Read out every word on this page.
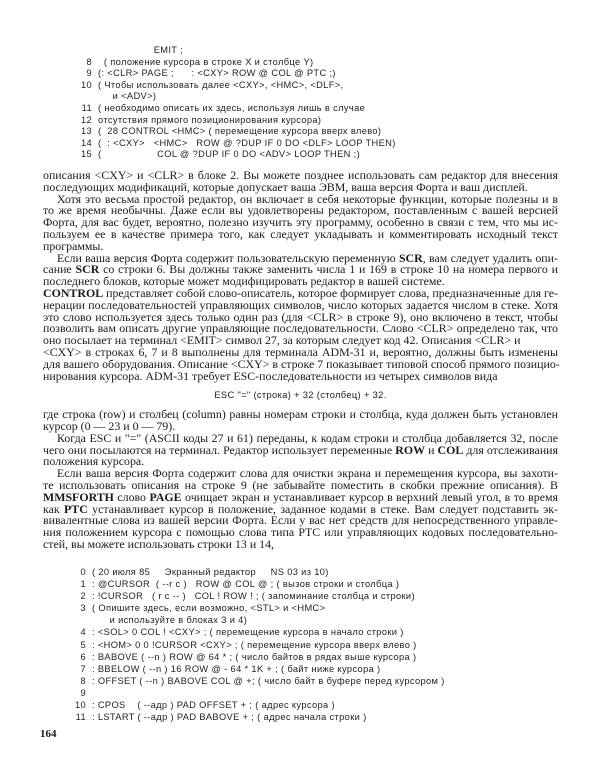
EMIT ;
8  ( положение курсора в строке X и столбце Y)
9 (: <CLR> PAGE ;      : <CXY> ROW @ COL @ PTC ;)
10 ( Чтобы использовать далее <CXY>, <HMC>, <DLF>,
и <ADV>)
11 ( необходимо описать их здесь, используя лишь в случае
12 отсутствия прямого позиционирования курсора)
13 (  28 CONTROL <HMC> ( перемещение курсора вверх влево)
14 (  : <CXY>   <HMC>   ROW @ ?DUP IF 0 DO <DLF> LOOP THEN)
15 (                   COL @ ?DUP IF 0 DO <ADV> LOOP THEN ;)
описания <CXY> и <CLR> в блоке 2. Вы можете позднее использовать сам редактор для внесения
последующих модификаций, которые допускает ваша ЭВМ, ваша версия Форта и ваш дисплей.
Хотя это весьма простой редактор, он включает в себя некоторые функции, которые полезны и в
то же время необычны. Даже если вы удовлетворены редактором, поставленным с вашей версией
Форта, для вас будет, вероятно, полезно изучить эту программу, особенно в связи с тем, что мы ис-
пользуем ее в качестве примера того, как следует укладывать и комментировать исходный текст
программы.
Если ваша версия Форта содержит пользовательскую переменную SCR, вам следует удалить опи-
сание SCR со строки 6. Вы должны также заменить числа 1 и 169 в строке 10 на номера первого и
последнего блоков, которые может модифицировать редактор в вашей системе.
CONTROL представляет собой слово-описатель, которое формирует слова, предназначенные для ге-
нерации последовательностей управляющих символов, число которых задается числом в стеке. Хотя
это слово используется здесь только один раз (для <CLR> в строке 9), оно включено в текст, чтобы
позволить вам описать другие управляющие последовательности. Слово <CLR> определено так, что
оно посылает на терминал <EMIT> символ 27, за которым следует код 42. Описания <CLR> и
<CXY> в строках 6, 7 и 8 выполнены для терминала ADM-31 и, вероятно, должны быть изменены
для вашего оборудования. Описание <CXY> в строке 7 показывает типовой способ прямого позицио-
нирования курсора. ADM-31 требует ESC-последовательности из четырех символов вида
ESC "=" (строка) + 32 (столбец) + 32.
где строка (row) и столбец (column) равны номерам строки и столбца, куда должен быть установлен
курсор (0 — 23 и 0 — 79).
Когда ESC и "=" (ASCII коды 27 и 61) переданы, к кодам строки и столбца добавляется 32, после
чего они посылаются на терминал. Редактор использует переменные ROW и COL для отслеживания
положения курсора.
Если ваша версия Форта содержит слова для очистки экрана и перемещения курсора, вы захоти-
те использовать описания на строке 9 (не забывайте поместить в скобки прежние описания). В
MMSFORTH слово PAGE очищает экран и устанавливает курсор в верхний левый угол, в то время
как PTC устанавливает курсор в положение, заданное кодами в стеке. Вам следует подставить эк-
вивалентные слова из вашей версии Форта. Если у вас нет средств для непосредственного управле-
ния положением курсора с помощью слова типа PTC или управляющих кодовых последовательно-
стей, вы можете использовать строки 13 и 14,
0 ( 20 июля 85     Экранный редактор     NS 03 из 10)
1 : @CURSOR  ( --r c )   ROW @ COL @ ; ( вызов строки и столбца )
2 : !CURSOR   ( r c -- )   COL ! ROW ! ; ( запоминание столбца и строки)
3 ( Опишите здесь, если возможно, <STL> и <HMC>
и используйте в блоках 3 и 4)
4 : <SOL> 0 COL ! <CXY> ; ( перемещение курсора в начало строки )
5 : <HOM> 0 0 !CURSOR <CXY> ; ( перемещение курсора вверх влево )
6 : BABOVE ( --n ) ROW @ 64 * ; ( число байтов в рядах выше курсора )
7 : BBELOW ( --n ) 16 ROW @ - 64 * 1K + ; ( байт ниже курсора )
8 : OFFSET ( --n ) BABOVE COL @ +; ( число байт в буфере перед курсором )
9
10 : CPOS    ( --адр ) PAD OFFSET + ; ( адрес курсора )
11 : LSTART ( --адр ) PAD BABOVE + ; ( адрес начала строки )
164
